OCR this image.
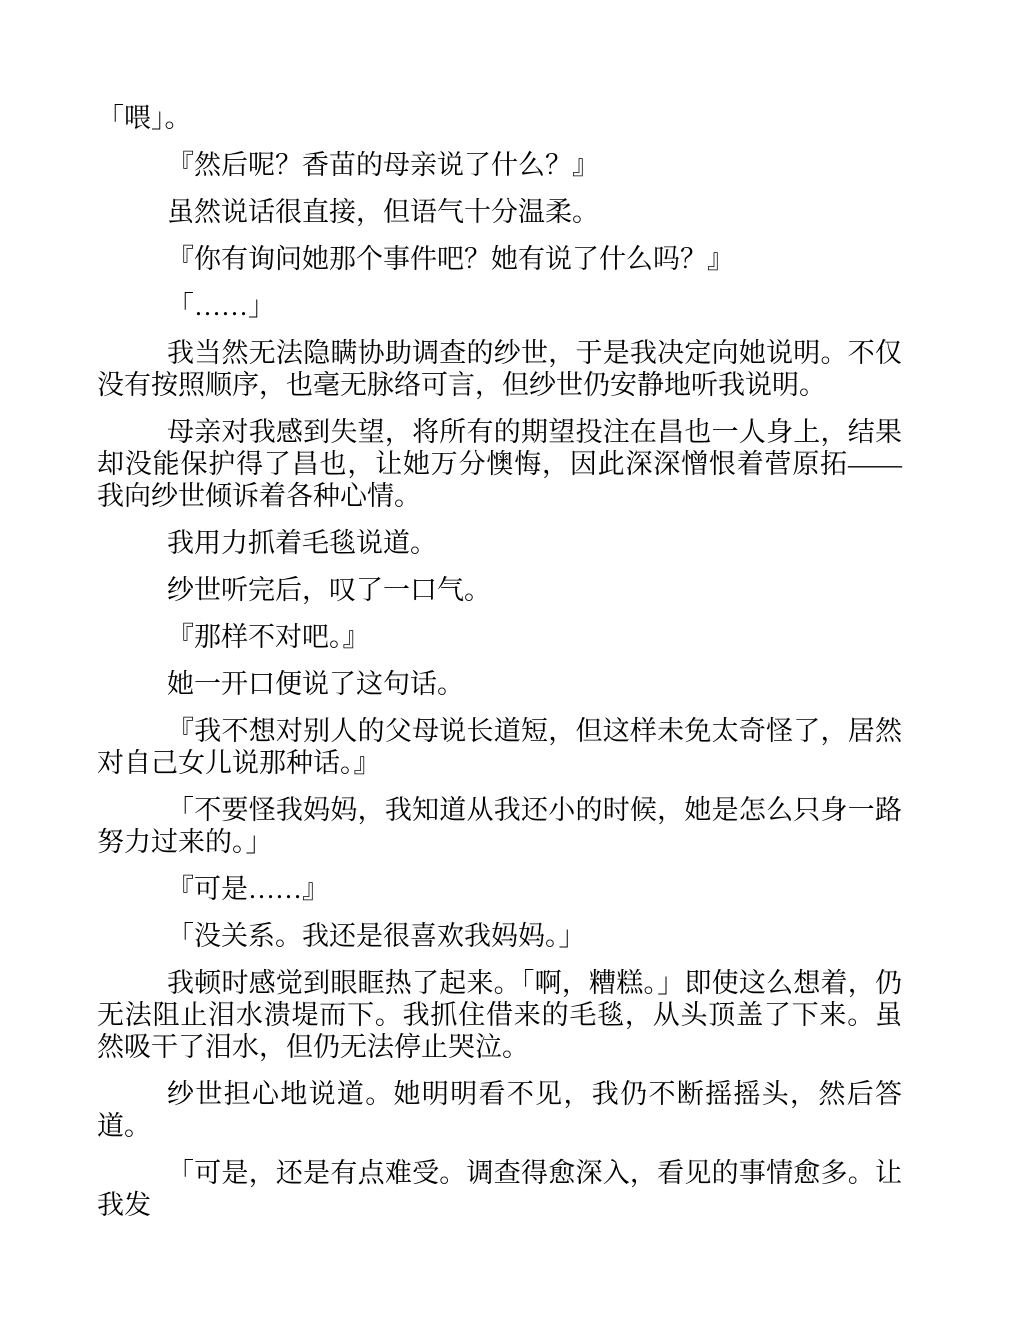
「喂」。

『然后呢？香苗的母亲说了什么？』

虽然说话很直接，但语气十分温柔。

『你有询问她那个事件吧？她有说了什么吗？』

「……」

我当然无法隐瞒协助调查的纱世，于是我决定向她说明。不仅没有按照顺序，也毫无脉络可言，但纱世仍安静地听我说明。

母亲对我感到失望，将所有的期望投注在昌也一人身上，结果却没能保护得了昌也，让她万分懊悔，因此深深憎恨着菅原拓——我向纱世倾诉着各种心情。

我用力抓着毛毯说道。

纱世听完后，叹了一口气。

『那样不对吧。』

她一开口便说了这句话。

『我不想对别人的父母说长道短，但这样未免太奇怪了，居然对自己女儿说那种话。』

「不要怪我妈妈，我知道从我还小的时候，她是怎么只身一路努力过来的。」

『可是……』

「没关系。我还是很喜欢我妈妈。」

我顿时感觉到眼眶热了起来。「啊，糟糕。」即使这么想着，仍无法阻止泪水溃堤而下。我抓住借来的毛毯，从头顶盖了下来。虽然吸干了泪水，但仍无法停止哭泣。

纱世担心地说道。她明明看不见，我仍不断摇摇头，然后答道。

「可是，还是有点难受。调查得愈深入，看见的事情愈多。让我发
